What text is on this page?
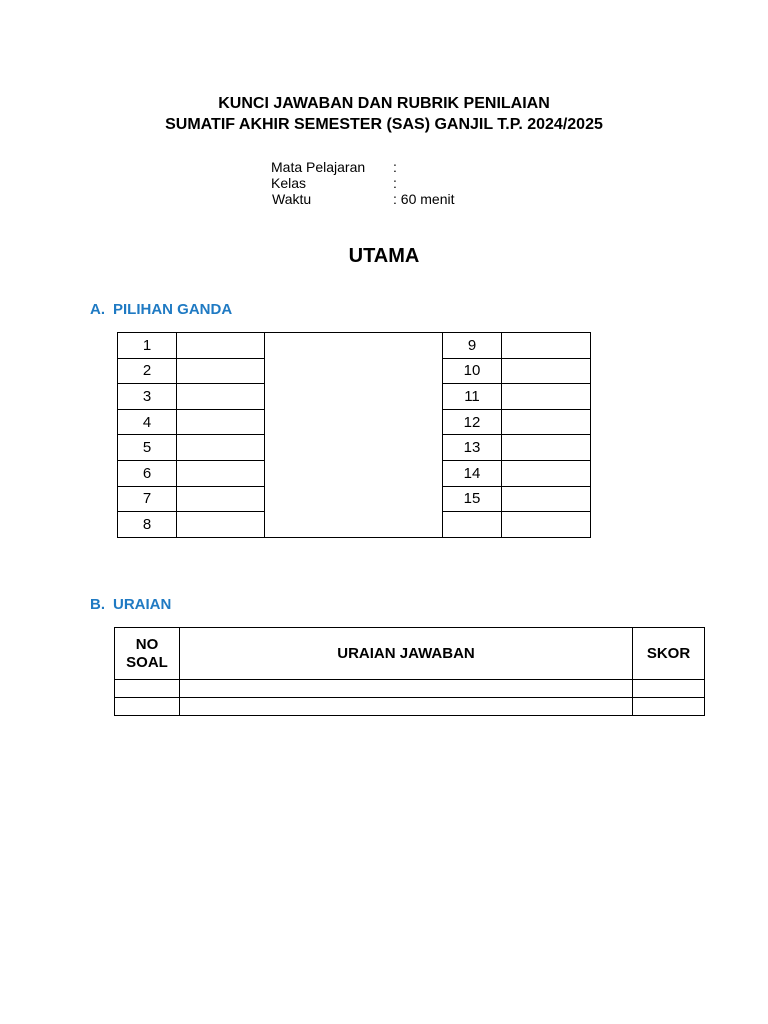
KUNCI JAWABAN DAN RUBRIK PENILAIAN
SUMATIF AKHIR SEMESTER (SAS) GANJIL T.P. 2024/2025
Mata Pelajaran	:
Kelas	:
Waktu	: 60 menit
UTAMA
A. PILIHAN GANDA
1			9	
2			10	
3			11	
4			12	
5			13	
6			14	
7			15	
8				
B. URAIAN
NO
SOAL	URAIAN JAWABAN	SKOR
